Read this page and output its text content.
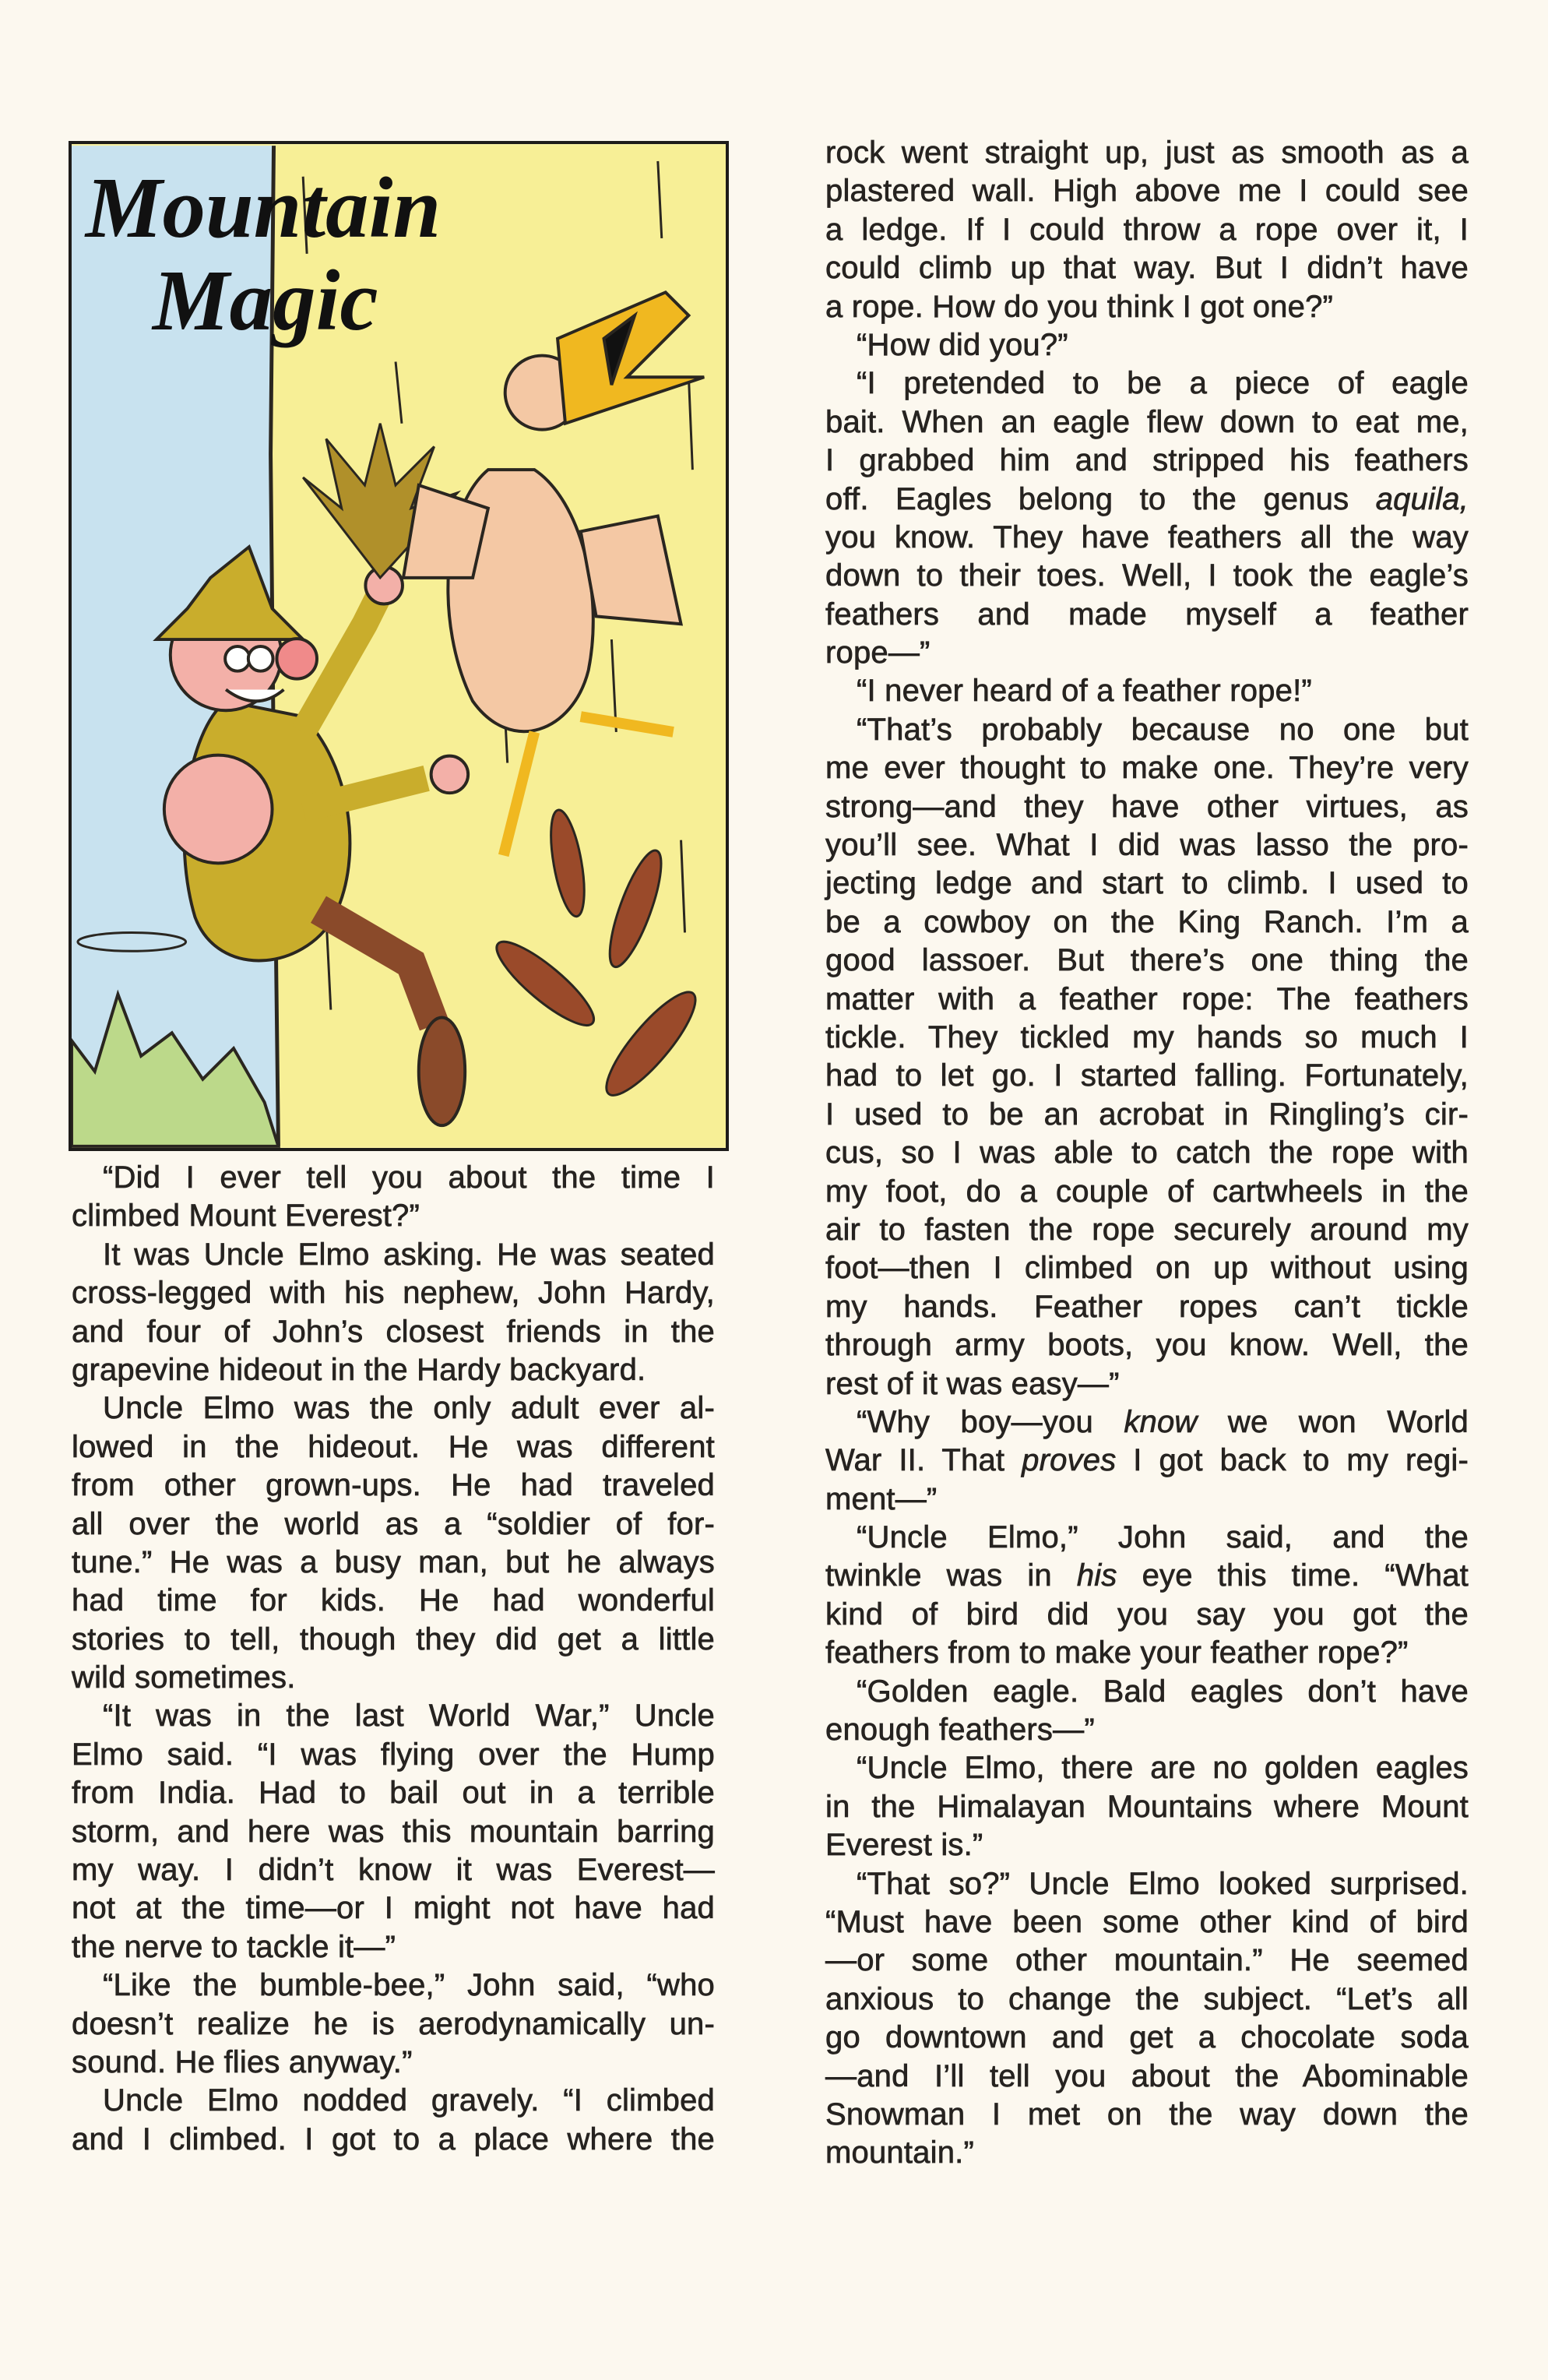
Mountain
Magic
“Did I ever tell you about the time I
climbed Mount Everest?”
It was Uncle Elmo asking. He was seated
cross-legged with his nephew, John Hardy,
and four of John’s closest friends in the
grapevine hideout in the Hardy backyard.
Uncle Elmo was the only adult ever al-
lowed in the hideout. He was different
from other grown-ups. He had traveled
all over the world as a “soldier of for-
tune.” He was a busy man, but he always
had time for kids. He had wonderful
stories to tell, though they did get a little
wild sometimes.
“It was in the last World War,” Uncle
Elmo said. “I was flying over the Hump
from India. Had to bail out in a terrible
storm, and here was this mountain barring
my way. I didn’t know it was Everest—
not at the time—or I might not have had
the nerve to tackle it—”
“Like the bumble-bee,” John said, “who
doesn’t realize he is aerodynamically un-
sound. He flies anyway.”
Uncle Elmo nodded gravely. “I climbed
and I climbed. I got to a place where the
rock went straight up, just as smooth as a
plastered wall. High above me I could see
a ledge. If I could throw a rope over it, I
could climb up that way. But I didn’t have
a rope. How do you think I got one?”
“How did you?”
“I pretended to be a piece of eagle
bait. When an eagle flew down to eat me,
I grabbed him and stripped his feathers
off. Eagles belong to the genus aquila,
you know. They have feathers all the way
down to their toes. Well, I took the eagle’s
feathers and made myself a feather
rope—”
“I never heard of a feather rope!”
“That’s probably because no one but
me ever thought to make one. They’re very
strong—and they have other virtues, as
you’ll see. What I did was lasso the pro-
jecting ledge and start to climb. I used to
be a cowboy on the King Ranch. I’m a
good lassoer. But there’s one thing the
matter with a feather rope: The feathers
tickle. They tickled my hands so much I
had to let go. I started falling. Fortunately,
I used to be an acrobat in Ringling’s cir-
cus, so I was able to catch the rope with
my foot, do a couple of cartwheels in the
air to fasten the rope securely around my
foot—then I climbed on up without using
my hands. Feather ropes can’t tickle
through army boots, you know. Well, the
rest of it was easy—”
“Why boy—you know we won World
War II. That proves I got back to my regi-
ment—”
“Uncle Elmo,” John said, and the
twinkle was in his eye this time. “What
kind of bird did you say you got the
feathers from to make your feather rope?”
“Golden eagle. Bald eagles don’t have
enough feathers—”
“Uncle Elmo, there are no golden eagles
in the Himalayan Mountains where Mount
Everest is.”
“That so?” Uncle Elmo looked surprised.
“Must have been some other kind of bird
—or some other mountain.” He seemed
anxious to change the subject. “Let’s all
go downtown and get a chocolate soda
—and I’ll tell you about the Abominable
Snowman I met on the way down the
mountain.”
